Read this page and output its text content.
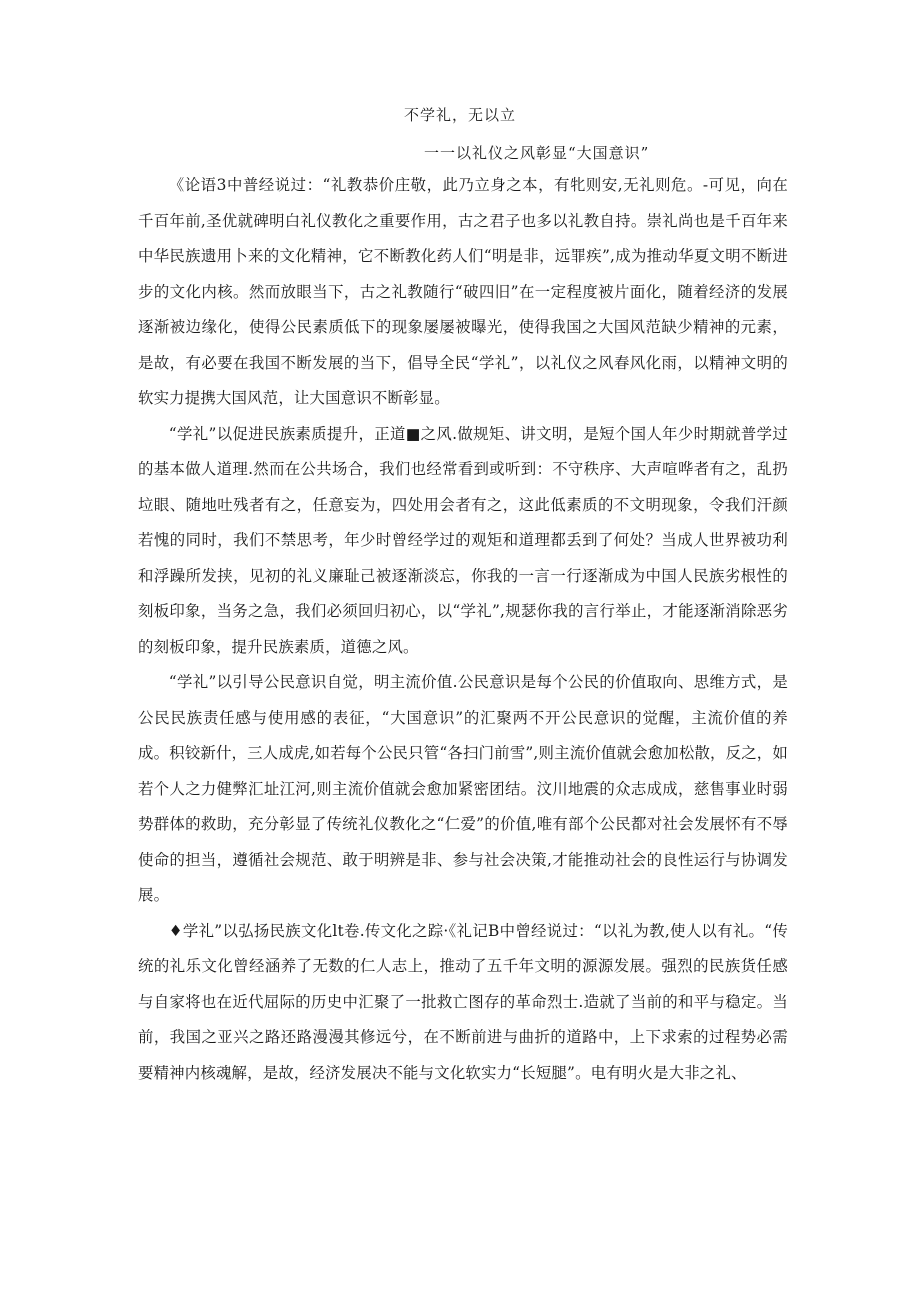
不学礼，无以立
一一以礼仪之风彰显“大国意识”

《论语3中普经说过：“礼教恭价庄敬，此乃立身之本，有牝则安,无礼则危。-可见，向在千百年前,圣优就碑明白礼仪教化之重要作用，古之君子也多以礼教自持。崇礼尚也是千百年来中华民族遗用卜来的文化精神，它不断教化药人们“明是非，远罪疾”,成为推动华夏文明不断进步的文化内核。然而放眼当下，古之礼教随行“破四旧”在一定程度被片面化，随着经济的发展逐渐被边缘化，使得公民素质低下的现象屡屡被曝光，使得我国之大国风范缺少精神的元素，是故，有必要在我国不断发展的当下，倡导全民“学礼”，以礼仪之风春风化雨，以精神文明的软实力提携大国风范，让大国意识不断彰显。

“学礼”以促进民族素质提升，正道■之风.做规矩、讲文明，是短个国人年少时期就普学过的基本做人道理.然而在公共场合，我们也经常看到或听到：不守秩序、大声喧哗者有之，乱扔垃眼、随地吐残者有之，任意妄为，四处用会者有之，这此低素质的不文明现象，令我们汗颜若愧的同时，我们不禁思考，年少时曾经学过的观矩和道理都丢到了何处？当成人世界被功利和浮躁所发挟，见初的礼义廉耻己被逐渐淡忘，你我的一言一行逐渐成为中国人民族劣根性的刻板印象，当务之急，我们必须回归初心，以“学礼”,规瑟你我的言行举止，才能逐渐消除恶劣的刻板印象，提升民族素质，道德之风。

“学礼”以引导公民意识自觉，明主流价值.公民意识是每个公民的价值取向、思维方式，是公民民族责任感与使用感的表征，“大国意识”的汇聚两不开公民意识的觉醒，主流价值的养成。积铰新什，三人成虎,如若每个公民只管“各扫门前雪”,则主流价值就会愈加松散，反之，如若个人之力健弊汇址江河,则主流价值就会愈加紧密团结。汶川地震的众志成成，慈售事业时弱势群体的救助，充分彰显了传统礼仪教化之“仁爱”的价值,唯有部个公民都对社会发展怀有不辱使命的担当，遵循社会规范、敢于明辨是非、参与社会决策,才能推动社会的良性运行与协调发展。

♦学礼”以弘扬民族文化lt卷.传文化之踪·《礼记B中曾经说过：“以礼为教,使人以有礼。“传统的礼乐文化曾经涵养了无数的仁人志上，推动了五千年文明的源源发展。强烈的民族货任感与自家将也在近代屈际的历史中汇聚了一批救亡图存的革命烈士.造就了当前的和平与稳定。当前，我国之亚兴之路还路漫漫其修远兮，在不断前进与曲折的道路中，上下求索的过程势必需要精神内核魂解，是故，经济发展决不能与文化软实力“长短腿”。电有明火是大非之礼、
